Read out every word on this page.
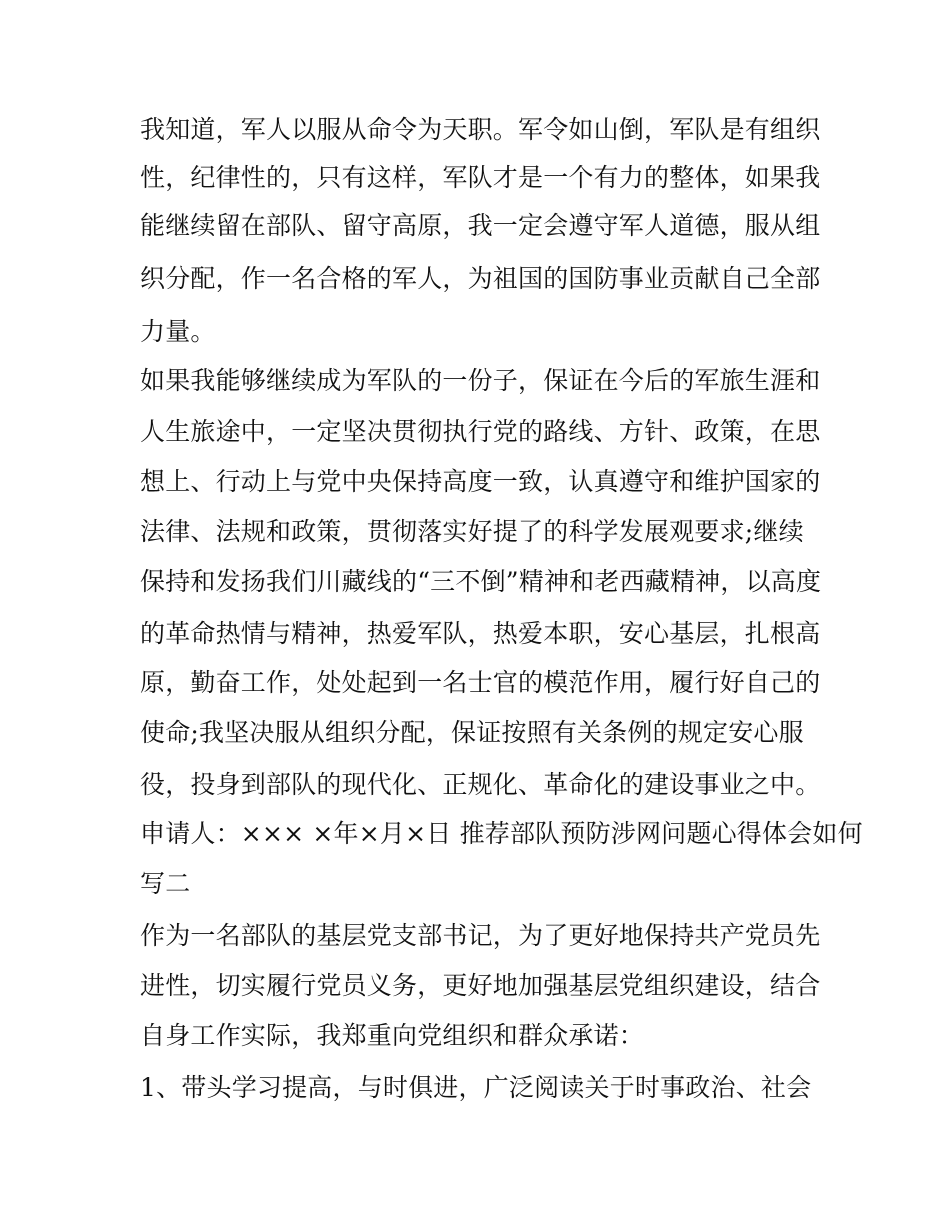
我知道，军人以服从命令为天职。军令如山倒，军队是有组织
性，纪律性的，只有这样，军队才是一个有力的整体，如果我
能继续留在部队、留守高原，我一定会遵守军人道德，服从组
织分配，作一名合格的军人，为祖国的国防事业贡献自己全部
力量。
如果我能够继续成为军队的一份子，保证在今后的军旅生涯和
人生旅途中，一定坚决贯彻执行党的路线、方针、政策，在思
想上、行动上与党中央保持高度一致，认真遵守和维护国家的
法律、法规和政策，贯彻落实好提了的科学发展观要求;继续
保持和发扬我们川藏线的“三不倒”精神和老西藏精神，以高度
的革命热情与精神，热爱军队，热爱本职，安心基层，扎根高
原，勤奋工作，处处起到一名士官的模范作用，履行好自己的
使命;我坚决服从组织分配，保证按照有关条例的规定安心服
役，投身到部队的现代化、正规化、革命化的建设事业之中。
申请人：××× ×年×月×日 推荐部队预防涉网问题心得体会如何
写二
作为一名部队的基层党支部书记，为了更好地保持共产党员先
进性，切实履行党员义务，更好地加强基层党组织建设，结合
自身工作实际，我郑重向党组织和群众承诺：
1、带头学习提高，与时俱进，广泛阅读关于时事政治、社会
